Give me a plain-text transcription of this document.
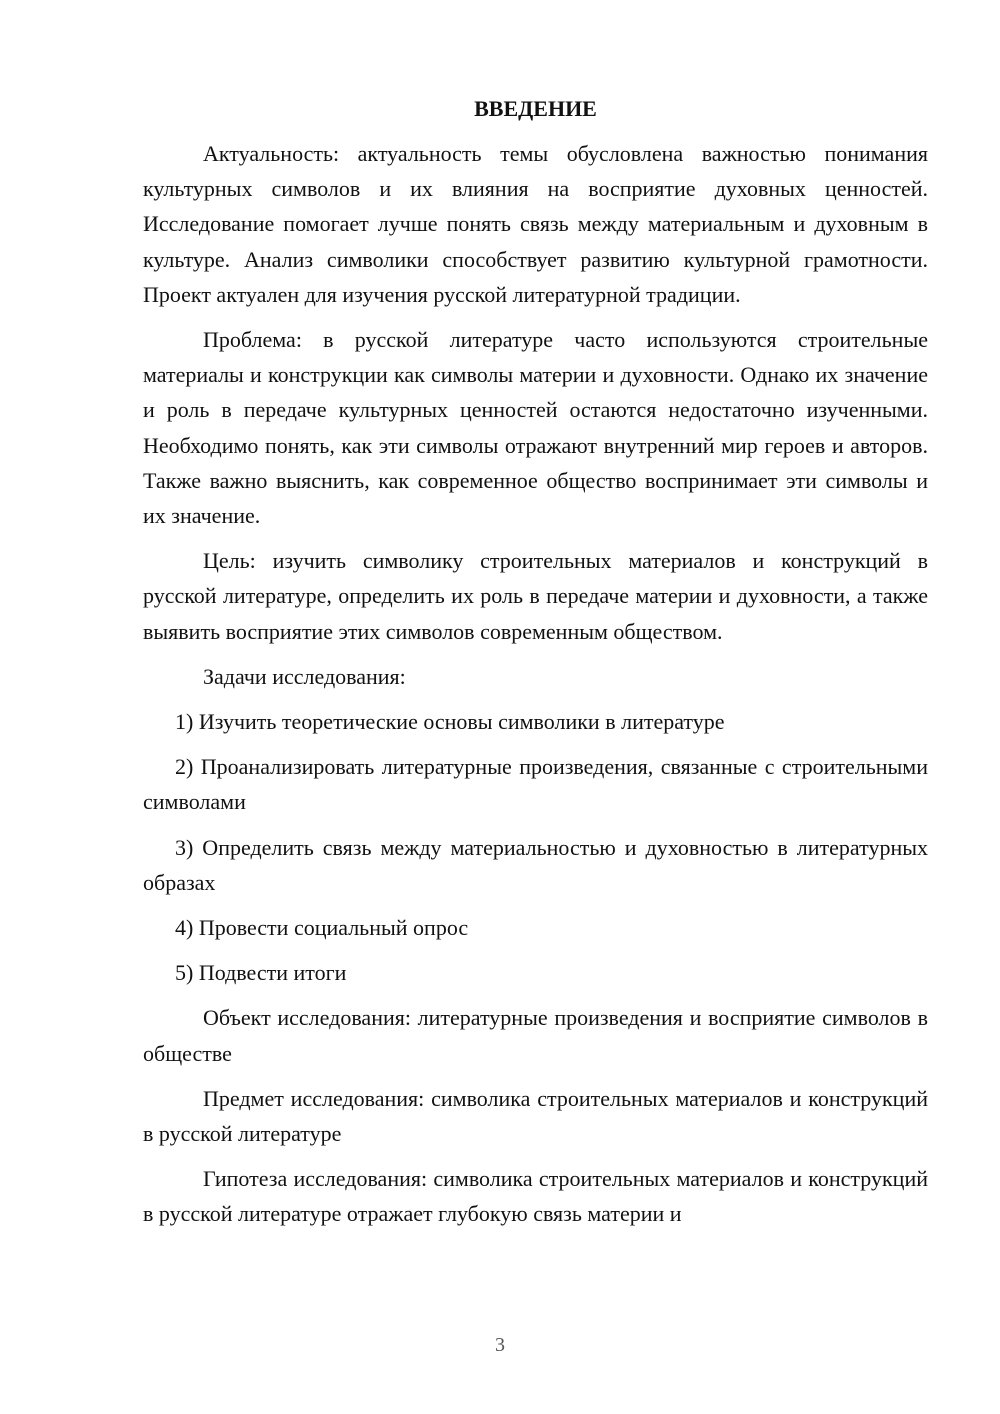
ВВЕДЕНИЕ

Актуальность: актуальность темы обусловлена важностью понимания культурных символов и их влияния на восприятие духовных ценностей. Исследование помогает лучше понять связь между материальным и духовным в культуре. Анализ символики способствует развитию культурной грамотности. Проект актуален для изучения русской литературной традиции.

Проблема: в русской литературе часто используются строительные материалы и конструкции как символы материи и духовности. Однако их значение и роль в передаче культурных ценностей остаются недостаточно изученными. Необходимо понять, как эти символы отражают внутренний мир героев и авторов. Также важно выяснить, как современное общество воспринимает эти символы и их значение.

Цель: изучить символику строительных материалов и конструкций в русской литературе, определить их роль в передаче материи и духовности, а также выявить восприятие этих символов современным обществом.

Задачи исследования:

1) Изучить теоретические основы символики в литературе

2) Проанализировать литературные произведения, связанные с строительными символами

3) Определить связь между материальностью и духовностью в литературных образах

4) Провести социальный опрос

5) Подвести итоги

Объект исследования: литературные произведения и восприятие символов в обществе

Предмет исследования: символика строительных материалов и конструкций в русской литературе

Гипотеза исследования: символика строительных материалов и конструкций в русской литературе отражает глубокую связь материи и

3
